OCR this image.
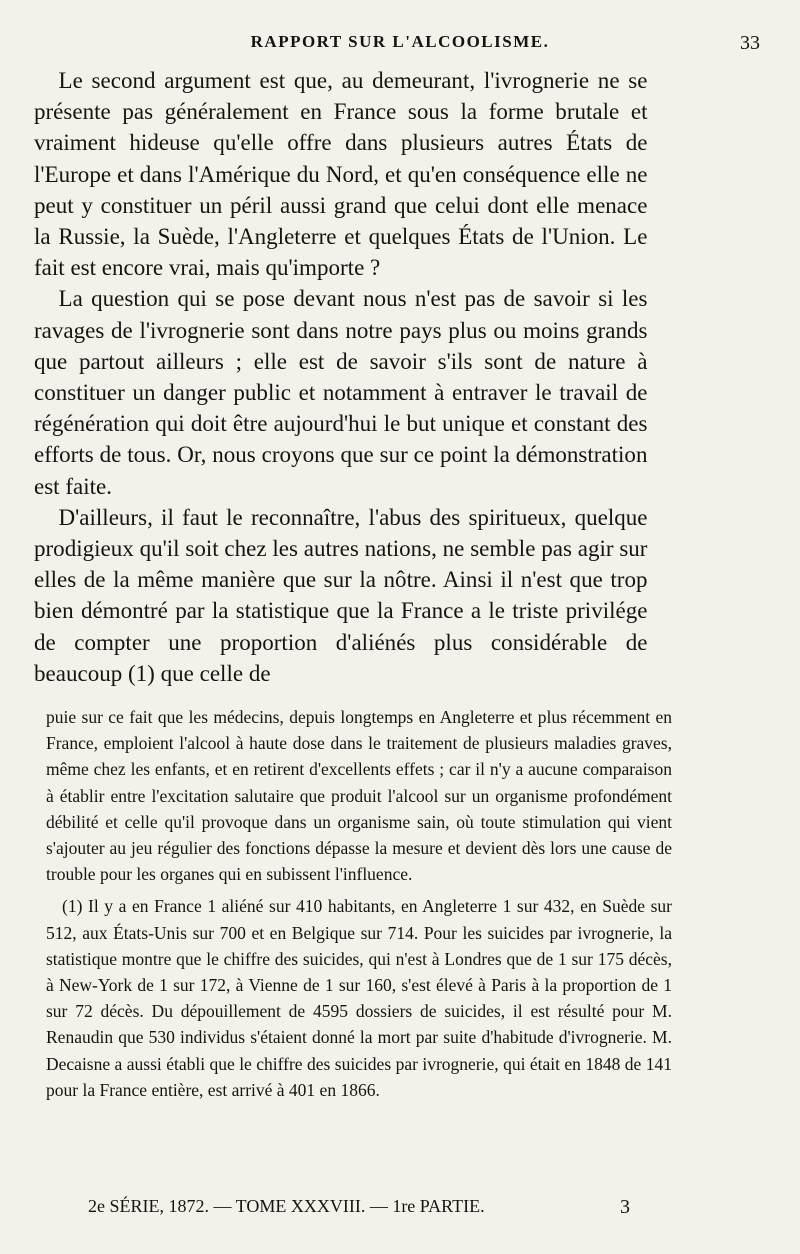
RAPPORT SUR L'ALCOOLISME.	33

Le second argument est que, au demeurant, l'ivrognerie ne se présente pas généralement en France sous la forme brutale et vraiment hideuse qu'elle offre dans plusieurs autres États de l'Europe et dans l'Amérique du Nord, et qu'en conséquence elle ne peut y constituer un péril aussi grand que celui dont elle menace la Russie, la Suède, l'Angleterre et quelques États de l'Union. Le fait est encore vrai, mais qu'importe ?

La question qui se pose devant nous n'est pas de savoir si les ravages de l'ivrognerie sont dans notre pays plus ou moins grands que partout ailleurs ; elle est de savoir s'ils sont de nature à constituer un danger public et notamment à entraver le travail de régénération qui doit être aujourd'hui le but unique et constant des efforts de tous. Or, nous croyons que sur ce point la démonstration est faite.

D'ailleurs, il faut le reconnaître, l'abus des spiritueux, quelque prodigieux qu'il soit chez les autres nations, ne semble pas agir sur elles de la même manière que sur la nôtre. Ainsi il n'est que trop bien démontré par la statistique que la France a le triste privilége de compter une proportion d'aliénés plus considérable de beaucoup (1) que celle de

puie sur ce fait que les médecins, depuis longtemps en Angleterre et plus récemment en France, emploient l'alcool à haute dose dans le traitement de plusieurs maladies graves, même chez les enfants, et en retirent d'excellents effets ; car il n'y a aucune comparaison à établir entre l'excitation salutaire que produit l'alcool sur un organisme profondément débilité et celle qu'il provoque dans un organisme sain, où toute stimulation qui vient s'ajouter au jeu régulier des fonctions dépasse la mesure et devient dès lors une cause de trouble pour les organes qui en subissent l'influence.

(1) Il y a en France 1 aliéné sur 410 habitants, en Angleterre 1 sur 432, en Suède sur 512, aux États-Unis sur 700 et en Belgique sur 714. Pour les suicides par ivrognerie, la statistique montre que le chiffre des suicides, qui n'est à Londres que de 1 sur 175 décès, à New-York de 1 sur 172, à Vienne de 1 sur 160, s'est élevé à Paris à la proportion de 1 sur 72 décès. Du dépouillement de 4595 dossiers de suicides, il est résulté pour M. Renaudin que 530 individus s'étaient donné la mort par suite d'habitude d'ivrognerie. M. Decaisne a aussi établi que le chiffre des suicides par ivrognerie, qui était en 1848 de 141 pour la France entière, est arrivé à 401 en 1866.

2e SÉRIE, 1872. — TOME XXXVIII. — 1re PARTIE.	3
